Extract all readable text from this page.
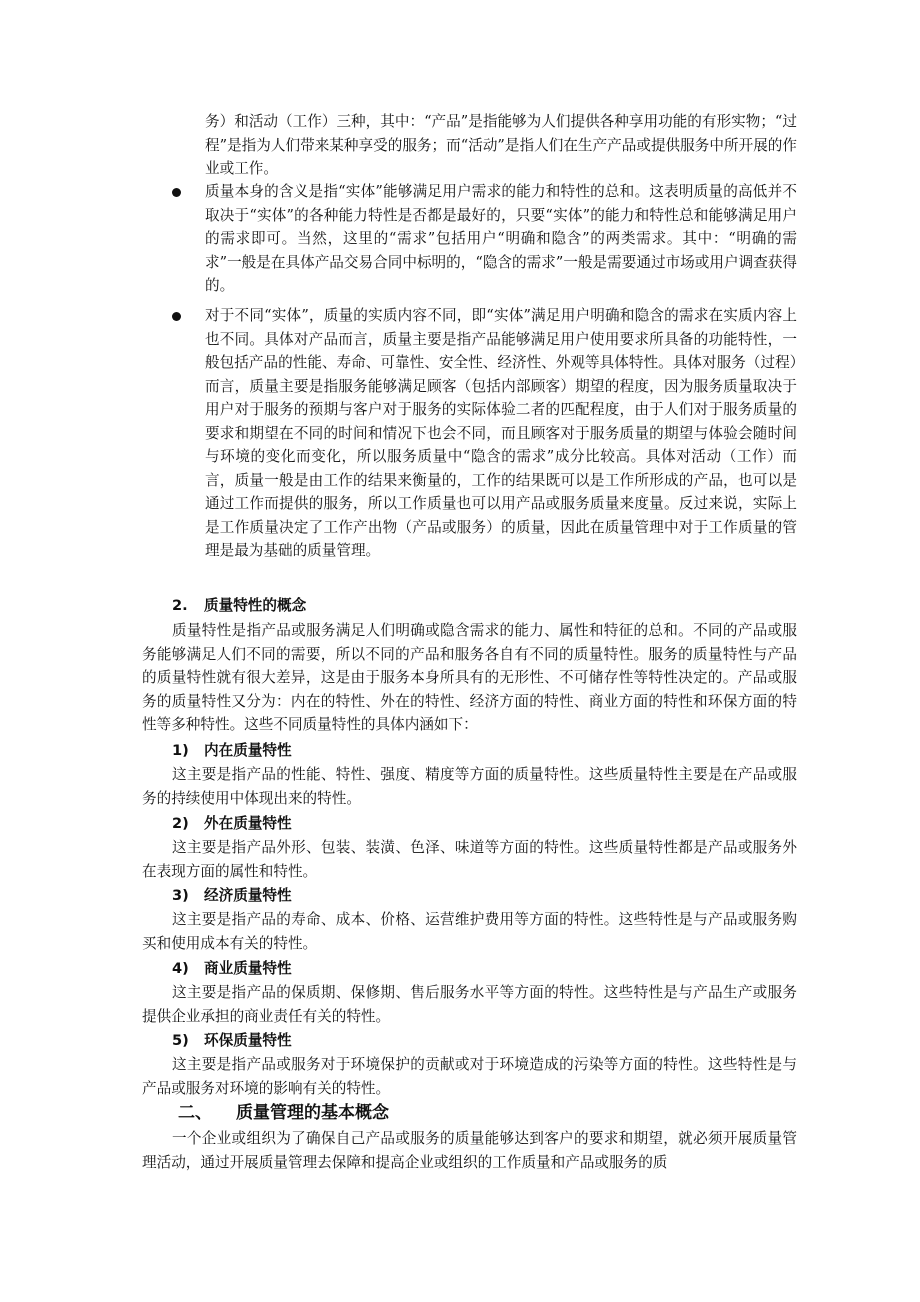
务）和活动（工作）三种，其中：“产品”是指能够为人们提供各种享用功能的有形实物；“过程”是指为人们带来某种享受的服务；而“活动”是指人们在生产产品或提供服务中所开展的作业或工作。
质量本身的含义是指“实体”能够满足用户需求的能力和特性的总和。这表明质量的高低并不取决于“实体”的各种能力特性是否都是最好的，只要“实体”的能力和特性总和能够满足用户的需求即可。当然，这里的“需求”包括用户“明确和隐含”的两类需求。其中：“明确的需求”一般是在具体产品交易合同中标明的，“隐含的需求”一般是需要通过市场或用户调查获得的。
对于不同“实体”，质量的实质内容不同，即“实体”满足用户明确和隐含的需求在实质内容上也不同。具体对产品而言，质量主要是指产品能够满足用户使用要求所具备的功能特性，一般包括产品的性能、寿命、可靠性、安全性、经济性、外观等具体特性。具体对服务（过程）而言，质量主要是指服务能够满足顾客（包括内部顾客）期望的程度，因为服务质量取决于用户对于服务的预期与客户对于服务的实际体验二者的匹配程度，由于人们对于服务质量的要求和期望在不同的时间和情况下也会不同，而且顾客对于服务质量的期望与体验会随时间与环境的变化而变化，所以服务质量中“隐含的需求”成分比较高。具体对活动（工作）而言，质量一般是由工作的结果来衡量的，工作的结果既可以是工作所形成的产品，也可以是通过工作而提供的服务，所以工作质量也可以用产品或服务质量来度量。反过来说，实际上是工作质量决定了工作产出物（产品或服务）的质量，因此在质量管理中对于工作质量的管理是最为基础的质量管理。
2. 质量特性的概念
质量特性是指产品或服务满足人们明确或隐含需求的能力、属性和特征的总和。不同的产品或服务能够满足人们不同的需要，所以不同的产品和服务各自有不同的质量特性。服务的质量特性与产品的质量特性就有很大差异，这是由于服务本身所具有的无形性、不可储存性等特性决定的。产品或服务的质量特性又分为：内在的特性、外在的特性、经济方面的特性、商业方面的特性和环保方面的特性等多种特性。这些不同质量特性的具体内涵如下：
1) 内在质量特性
这主要是指产品的性能、特性、强度、精度等方面的质量特性。这些质量特性主要是在产品或服务的持续使用中体现出来的特性。
2) 外在质量特性
这主要是指产品外形、包装、装潢、色泽、味道等方面的特性。这些质量特性都是产品或服务外在表现方面的属性和特性。
3) 经济质量特性
这主要是指产品的寿命、成本、价格、运营维护费用等方面的特性。这些特性是与产品或服务购买和使用成本有关的特性。
4) 商业质量特性
这主要是指产品的保质期、保修期、售后服务水平等方面的特性。这些特性是与产品生产或服务提供企业承担的商业责任有关的特性。
5) 环保质量特性
这主要是指产品或服务对于环境保护的贡献或对于环境造成的污染等方面的特性。这些特性是与产品或服务对环境的影响有关的特性。
二、 质量管理的基本概念
一个企业或组织为了确保自己产品或服务的质量能够达到客户的要求和期望，就必须开展质量管理活动，通过开展质量管理去保障和提高企业或组织的工作质量和产品或服务的质
